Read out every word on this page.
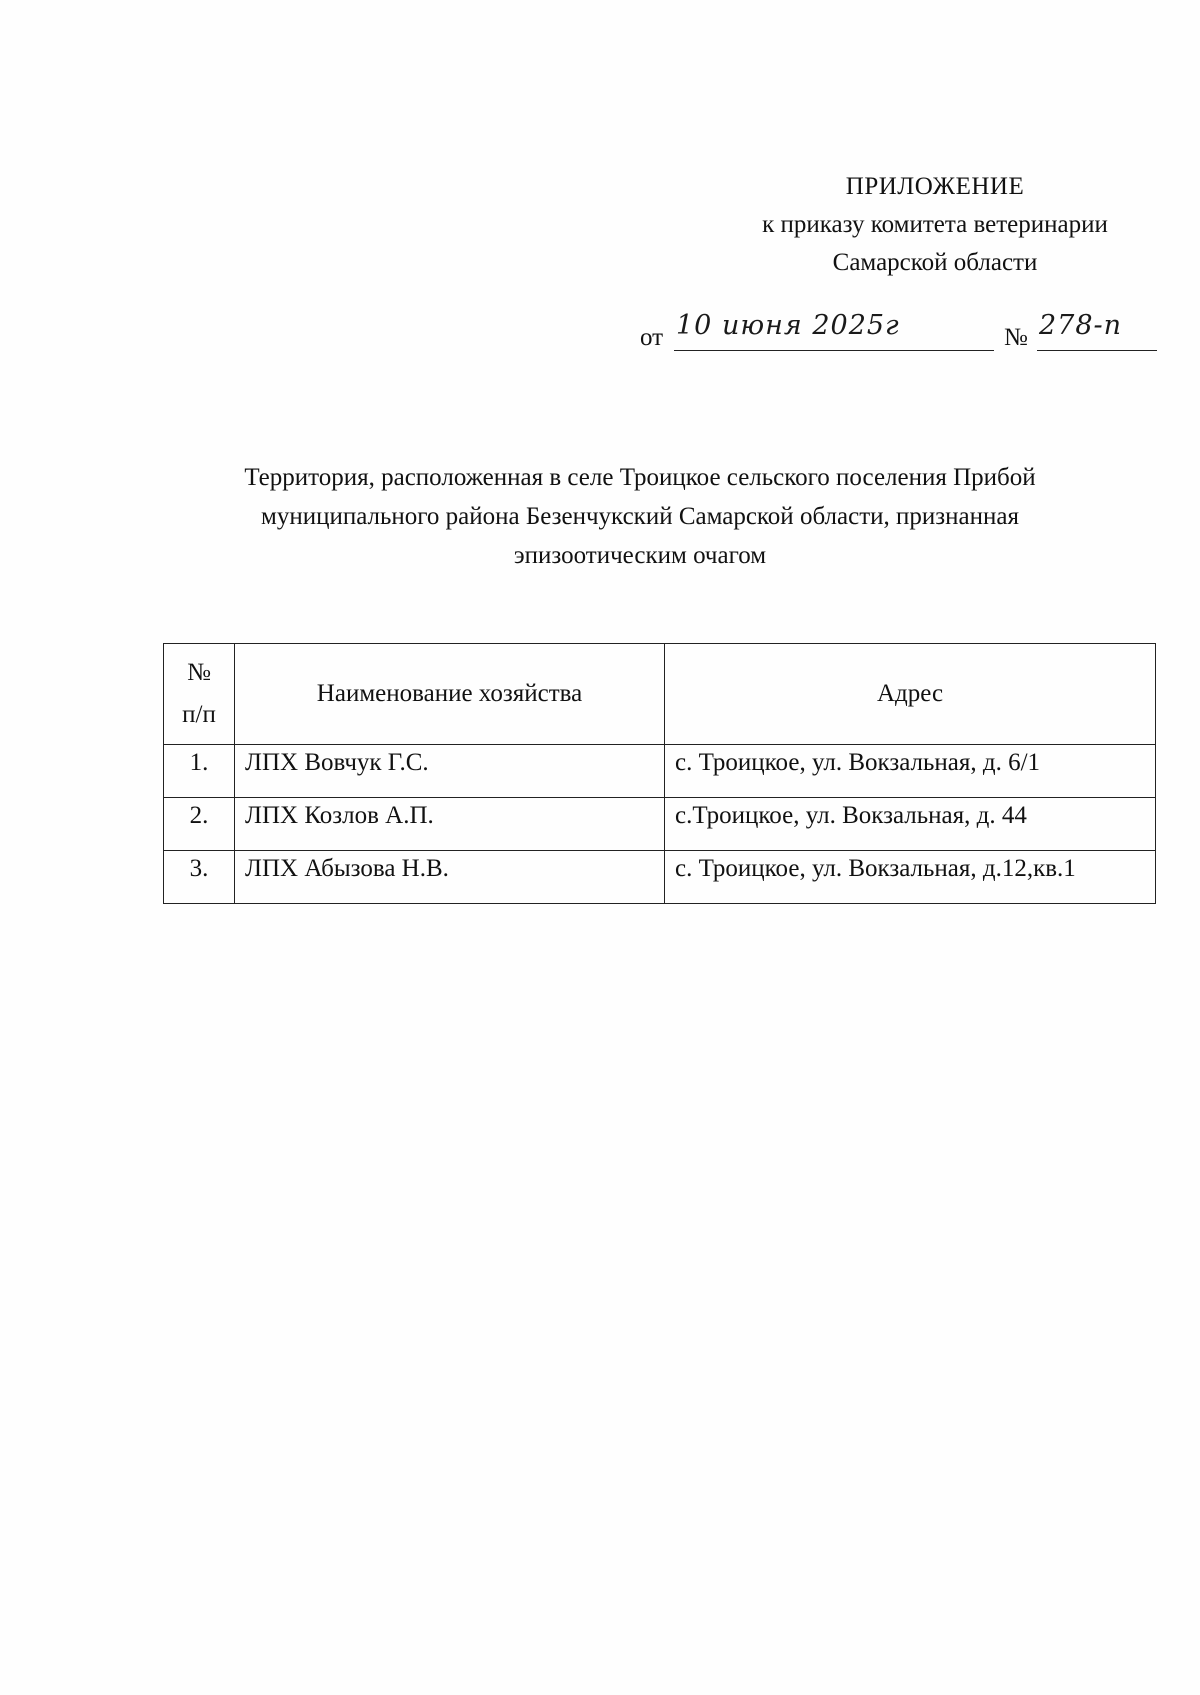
ПРИЛОЖЕНИЕ
к приказу комитета ветеринарии
Самарской области
от 10 июня 2025г	№ 278-п
Территория, расположенная в селе Троицкое сельского поселения Прибой
муниципального района Безенчукский Самарской области, признанная
эпизоотическим очагом
№
п/п	Наименование хозяйства	Адрес
1.	ЛПХ Вовчук Г.С.	с. Троицкое, ул. Вокзальная, д. 6/1
2.	ЛПХ Козлов А.П.	с.Троицкое, ул. Вокзальная, д. 44
3.	ЛПХ Абызова Н.В.	с. Троицкое, ул. Вокзальная, д.12,кв.1
